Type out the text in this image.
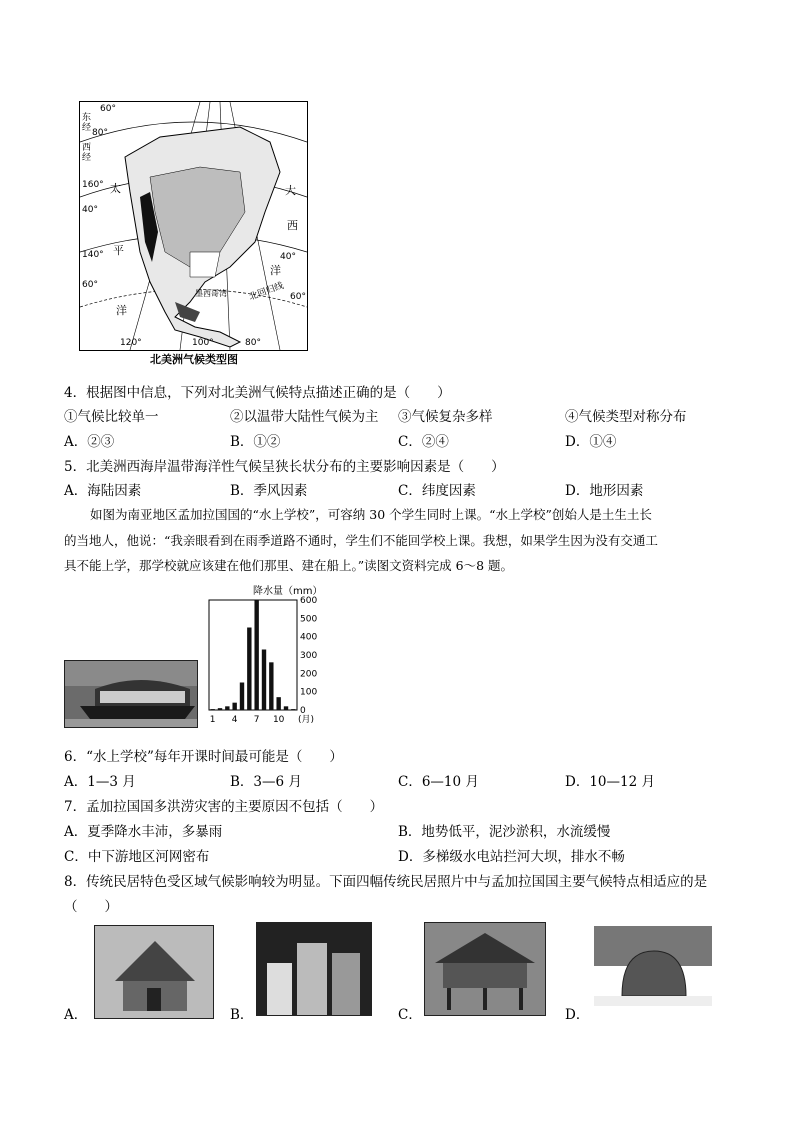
东
经
西
经
60°
80°
160°
40°
140°
60°
40°
120°	100°	80°
60°
太
平
洋
大
西
洋
北回归线
墨西哥湾
北美洲气候类型图
4．根据图中信息，下列对北美洲气候特点描述正确的是（　　）
①气候比较单一	②以温带大陆性气候为主 ③气候复杂多样	④气候类型对称分布
A．②③	B．①②	C．②④	D．①④
5．北美洲西海岸温带海洋性气候呈狭长状分布的主要影响因素是（　　）
A．海陆因素	B．季风因素	C．纬度因素	D．地形因素
如图为南亚地区孟加拉国国的“水上学校”，可容纳 30 个学生同时上课。“水上学校”创始人是土生土长
的当地人，他说：“我亲眼看到在雨季道路不通时，学生们不能回学校上课。我想，如果学生因为没有交通工
具不能上学，那学校就应该建在他们那里、建在船上。”读图文资料完成 6～8 题。
降水量（mm）
600
500
400
300
200
100
0
1 4 7 10 (月)
6．“水上学校”每年开课时间最可能是（　　）
A．1—3 月	B．3—6 月	C．6—10 月	D．10—12 月
7．孟加拉国国多洪涝灾害的主要原因不包括（　　）
A．夏季降水丰沛，多暴雨	B．地势低平，泥沙淤积，水流缓慢
C．中下游地区河网密布	D．多梯级水电站拦河大坝，排水不畅
8．传统民居特色受区域气候影响较为明显。下面四幅传统民居照片中与孟加拉国国主要气候特点相适应的是
（　　）
A．	B．	C．	D．
